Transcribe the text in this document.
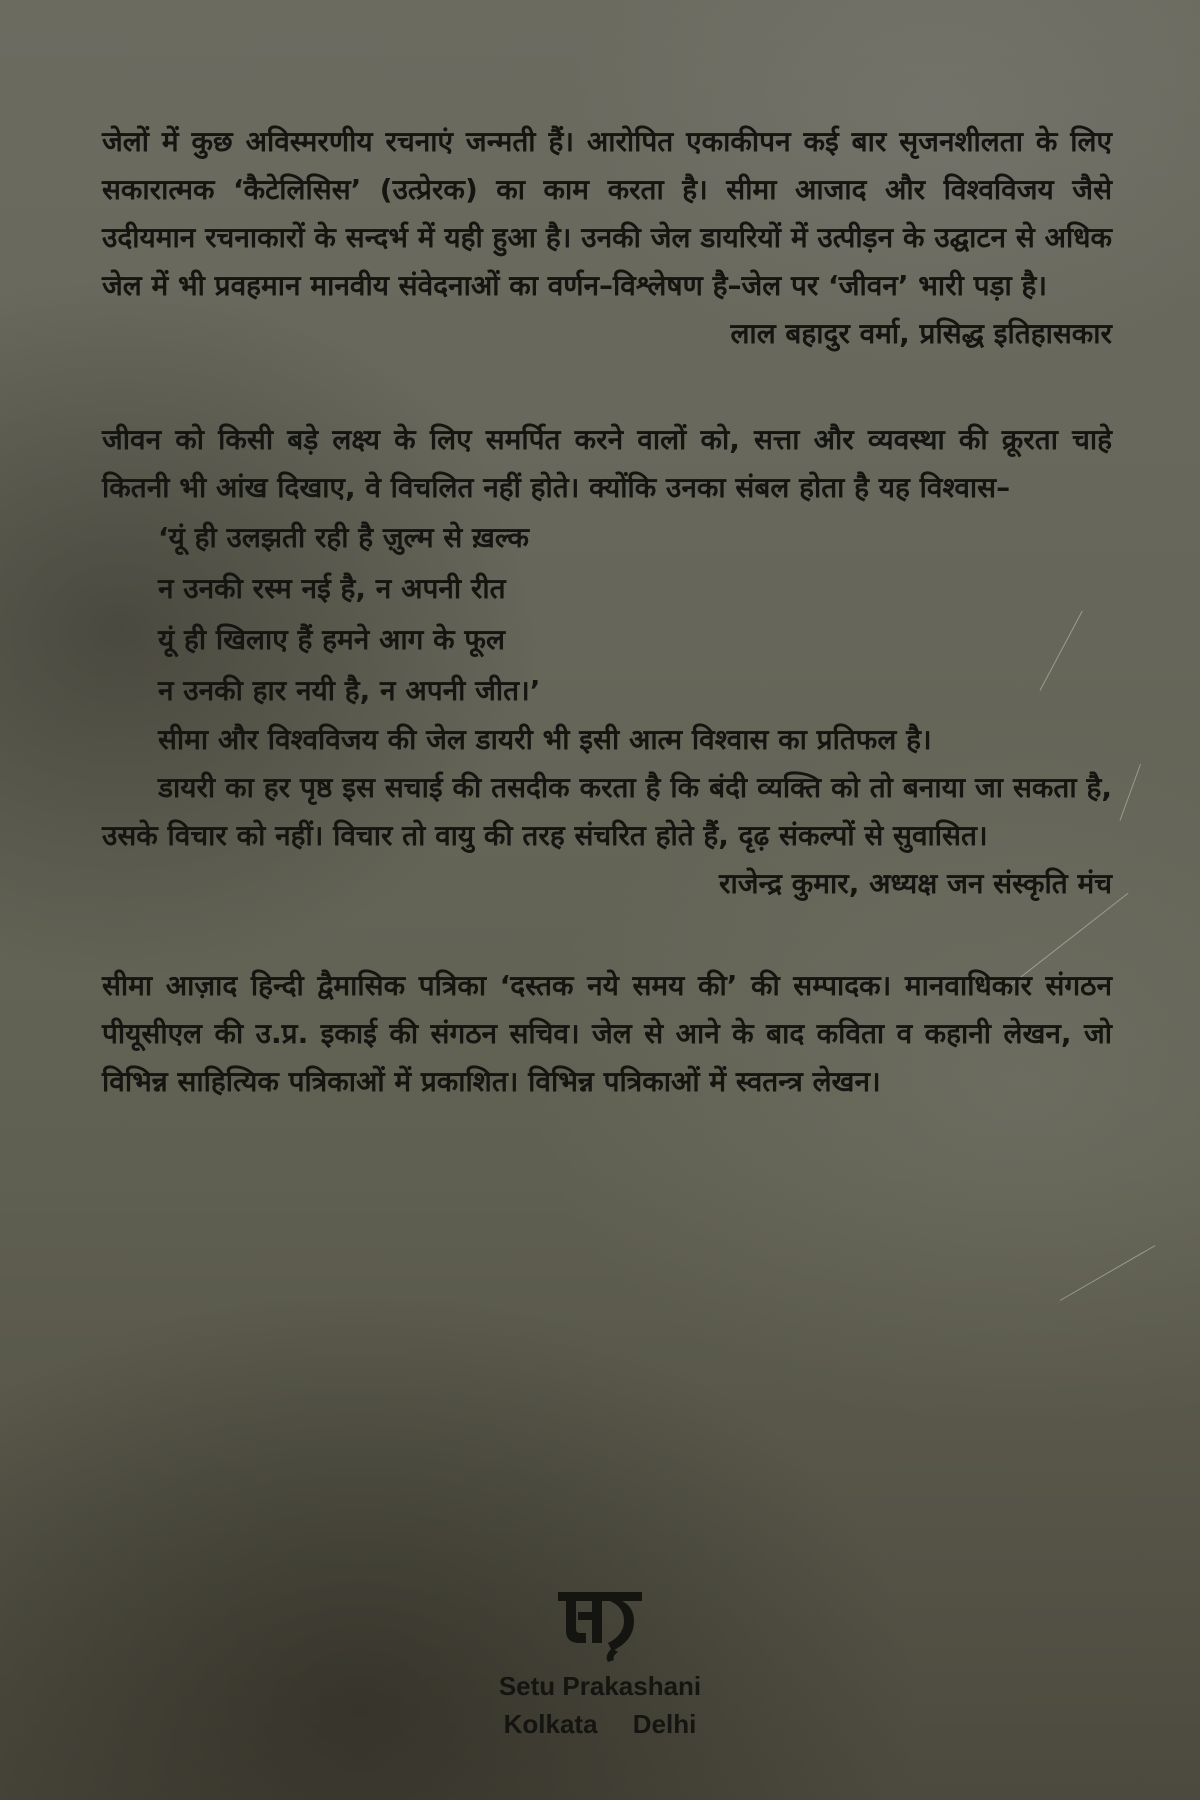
जेलों में कुछ अविस्मरणीय रचनाएं जन्मती हैं। आरोपित एकाकीपन कई बार सृजनशीलता के लिए सकारात्मक ‘कैटेलिसिस’ (उत्प्रेरक) का काम करता है। सीमा आजाद और विश्वविजय जैसे उदीयमान रचनाकारों के सन्दर्भ में यही हुआ है। उनकी जेल डायरियों में उत्पीड़न के उद्घाटन से अधिक जेल में भी प्रवहमान मानवीय संवेदनाओं का वर्णन–विश्लेषण है–जेल पर ‘जीवन’ भारी पड़ा है।

लाल बहादुर वर्मा, प्रसिद्ध इतिहासकार

जीवन को किसी बड़े लक्ष्य के लिए समर्पित करने वालों को, सत्ता और व्यवस्था की क्रूरता चाहे कितनी भी आंख दिखाए, वे विचलित नहीं होते। क्योंकि उनका संबल होता है यह विश्वास–

‘यूं ही उलझती रही है ज़ुल्म से ख़ल्क
न उनकी रस्म नई है, न अपनी रीत
यूं ही खिलाए हैं हमने आग के फूल
न उनकी हार नयी है, न अपनी जीत।’

सीमा और विश्वविजय की जेल डायरी भी इसी आत्म विश्वास का प्रतिफल है।

डायरी का हर पृष्ठ इस सचाई की तसदीक करता है कि बंदी व्यक्ति को तो बनाया जा सकता है, उसके विचार को नहीं। विचार तो वायु की तरह संचरित होते हैं, दृढ़ संकल्पों से सुवासित।

राजेन्द्र कुमार, अध्यक्ष जन संस्कृति मंच

सीमा आज़ाद हिन्दी द्वैमासिक पत्रिका ‘दस्तक नये समय की’ की सम्पादक। मानवाधिकार संगठन पीयूसीएल की उ.प्र. इकाई की संगठन सचिव। जेल से आने के बाद कविता व कहानी लेखन, जो विभिन्न साहित्यिक पत्रिकाओं में प्रकाशित। विभिन्न पत्रिकाओं में स्वतन्त्र लेखन।

Setu Prakashani
Kolkata Delhi
